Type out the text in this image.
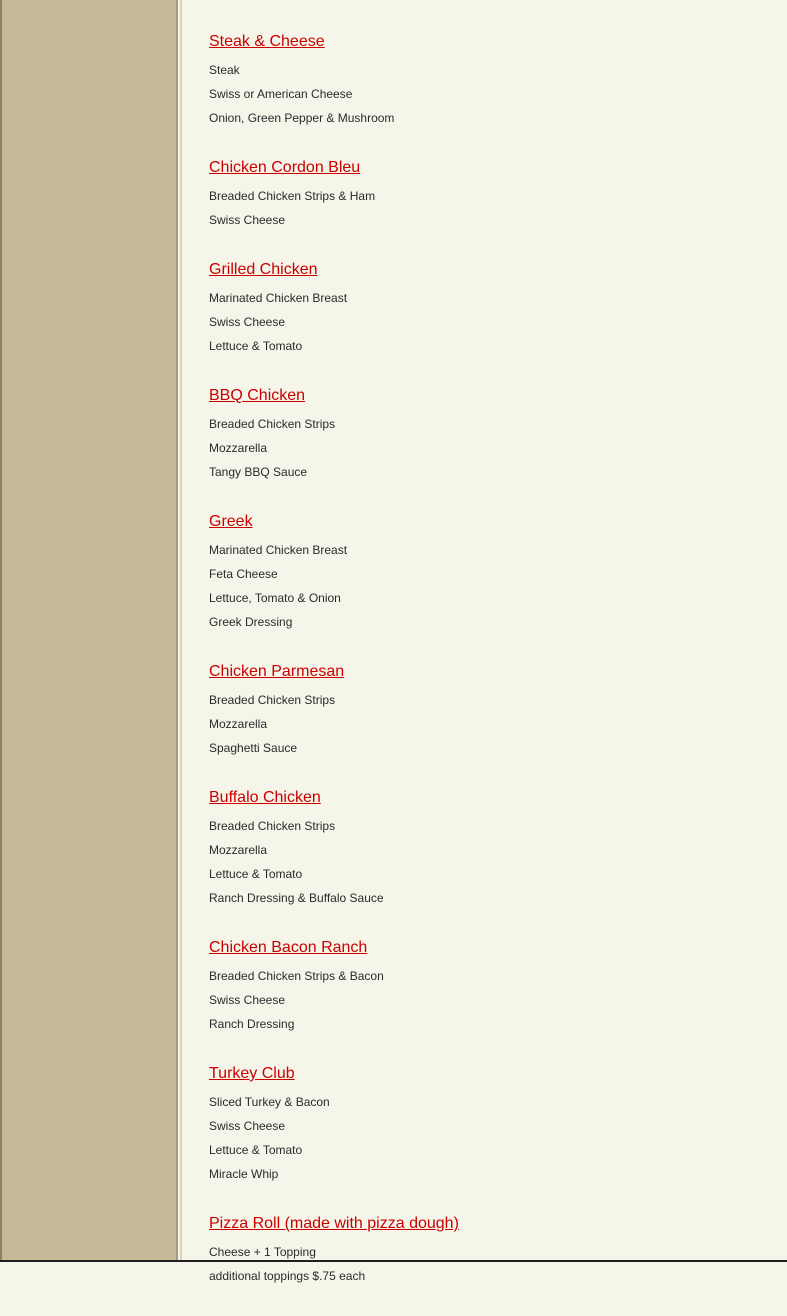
Steak & Cheese
Steak
Swiss or American Cheese
Onion, Green Pepper & Mushroom
Chicken Cordon Bleu
Breaded Chicken Strips & Ham
Swiss Cheese
Grilled Chicken
Marinated Chicken Breast
Swiss Cheese
Lettuce & Tomato
BBQ Chicken
Breaded Chicken Strips
Mozzarella
Tangy BBQ Sauce
Greek
Marinated Chicken Breast
Feta Cheese
Lettuce, Tomato & Onion
Greek Dressing
Chicken Parmesan
Breaded Chicken Strips
Mozzarella
Spaghetti Sauce
Buffalo Chicken
Breaded Chicken Strips
Mozzarella
Lettuce & Tomato
Ranch Dressing & Buffalo Sauce
Chicken Bacon Ranch
Breaded Chicken Strips & Bacon
Swiss Cheese
Ranch Dressing
Turkey Club
Sliced Turkey & Bacon
Swiss Cheese
Lettuce & Tomato
Miracle Whip
Pizza Roll (made with pizza dough)
Cheese + 1 Topping
additional toppings $.75 each
